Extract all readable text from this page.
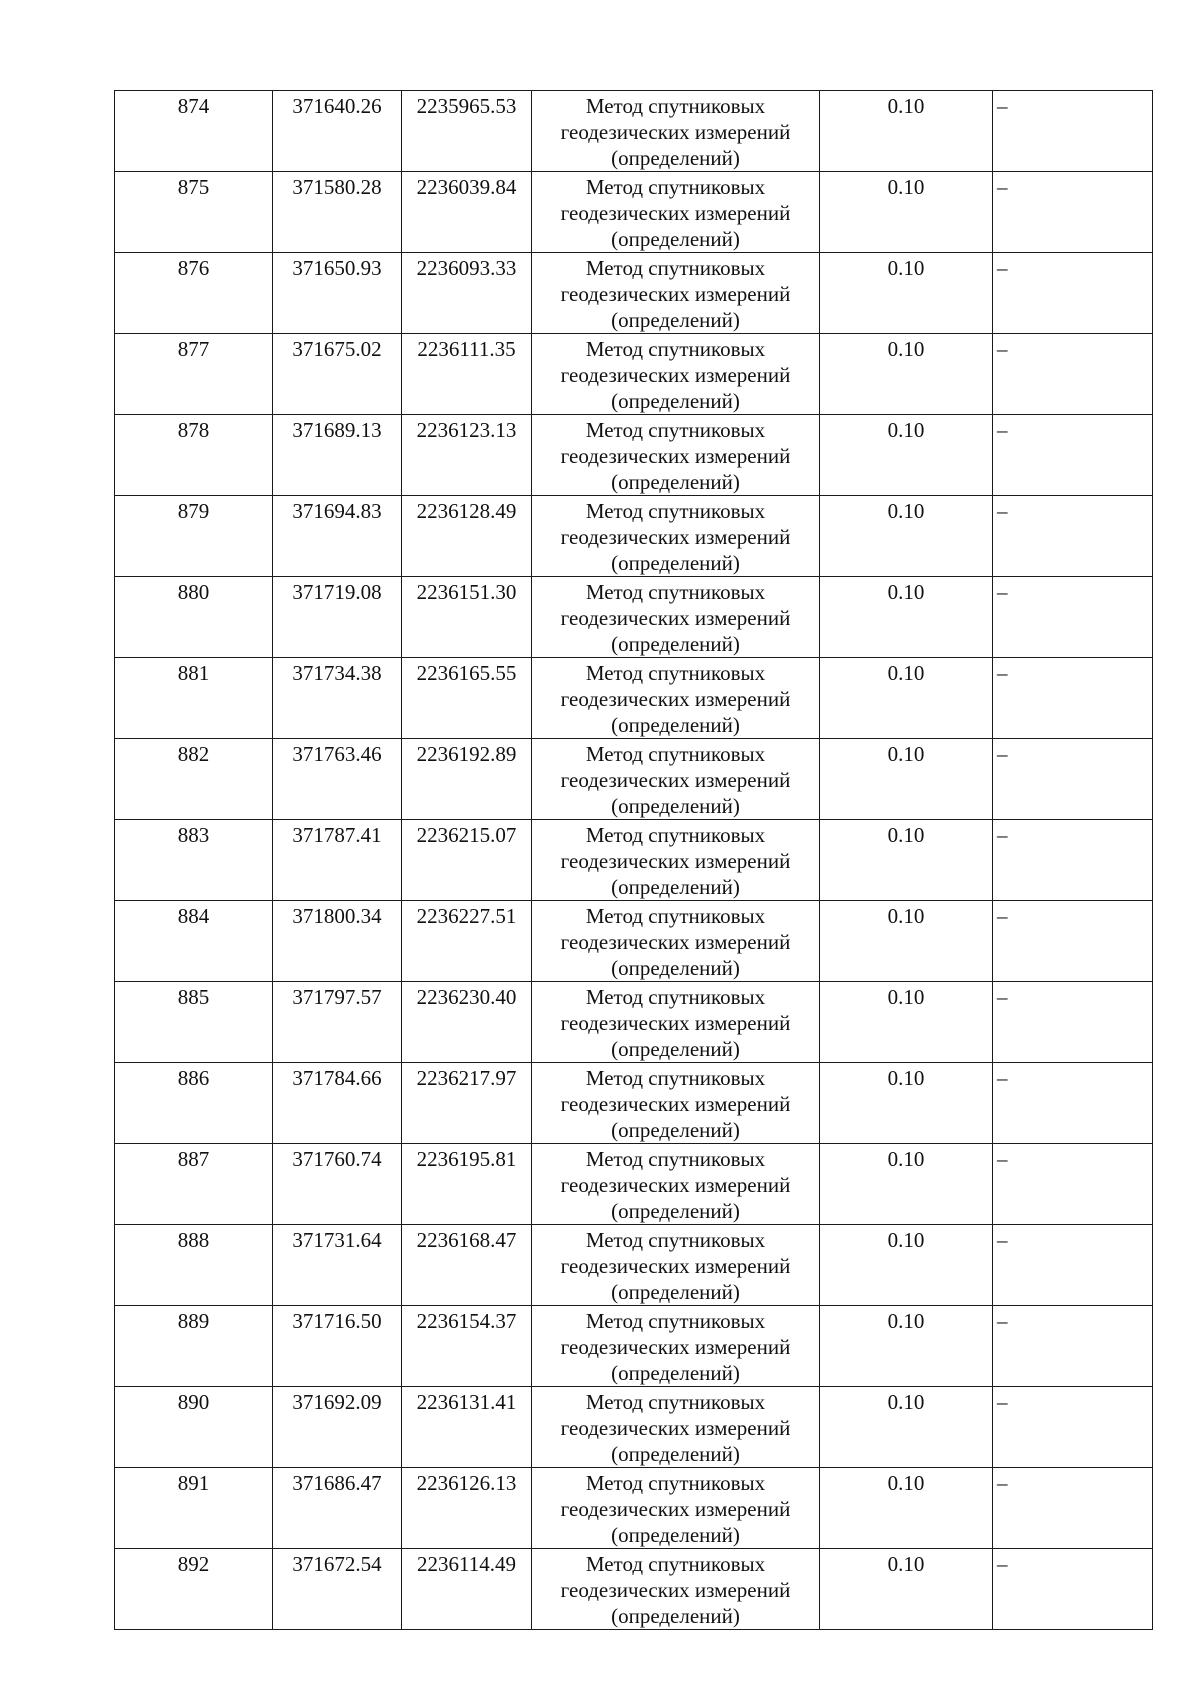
874	371640.26	2235965.53	Метод спутниковых
геодезических измерений
(определений)	0.10	–
875	371580.28	2236039.84	Метод спутниковых
геодезических измерений
(определений)	0.10	–
876	371650.93	2236093.33	Метод спутниковых
геодезических измерений
(определений)	0.10	–
877	371675.02	2236111.35	Метод спутниковых
геодезических измерений
(определений)	0.10	–
878	371689.13	2236123.13	Метод спутниковых
геодезических измерений
(определений)	0.10	–
879	371694.83	2236128.49	Метод спутниковых
геодезических измерений
(определений)	0.10	–
880	371719.08	2236151.30	Метод спутниковых
геодезических измерений
(определений)	0.10	–
881	371734.38	2236165.55	Метод спутниковых
геодезических измерений
(определений)	0.10	–
882	371763.46	2236192.89	Метод спутниковых
геодезических измерений
(определений)	0.10	–
883	371787.41	2236215.07	Метод спутниковых
геодезических измерений
(определений)	0.10	–
884	371800.34	2236227.51	Метод спутниковых
геодезических измерений
(определений)	0.10	–
885	371797.57	2236230.40	Метод спутниковых
геодезических измерений
(определений)	0.10	–
886	371784.66	2236217.97	Метод спутниковых
геодезических измерений
(определений)	0.10	–
887	371760.74	2236195.81	Метод спутниковых
геодезических измерений
(определений)	0.10	–
888	371731.64	2236168.47	Метод спутниковых
геодезических измерений
(определений)	0.10	–
889	371716.50	2236154.37	Метод спутниковых
геодезических измерений
(определений)	0.10	–
890	371692.09	2236131.41	Метод спутниковых
геодезических измерений
(определений)	0.10	–
891	371686.47	2236126.13	Метод спутниковых
геодезических измерений
(определений)	0.10	–
892	371672.54	2236114.49	Метод спутниковых
геодезических измерений
(определений)	0.10	–
